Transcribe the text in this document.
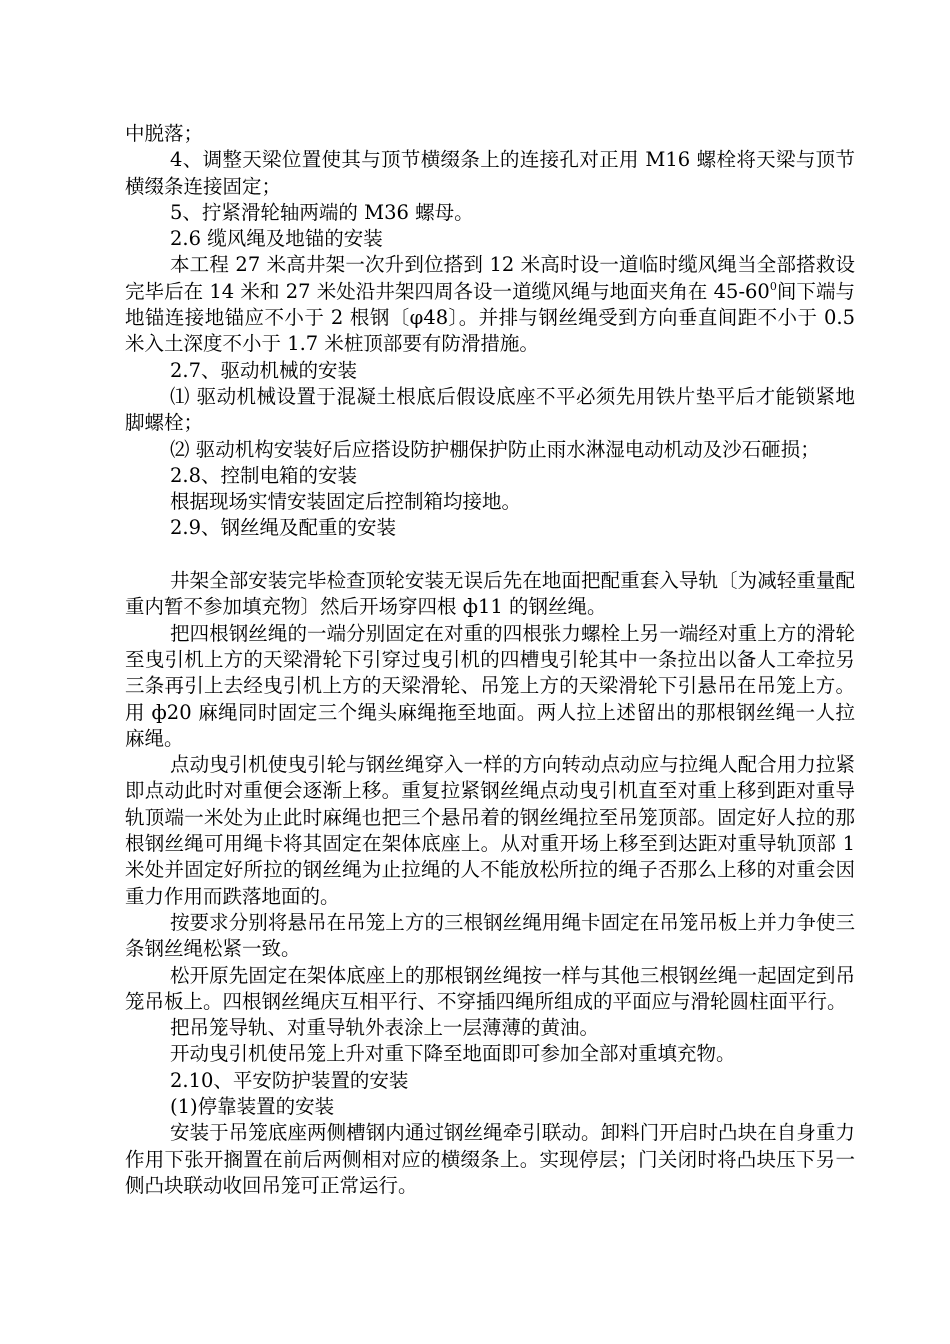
中脱落；

4、调整天梁位置使其与顶节横缀条上的连接孔对正用 M16 螺栓将天梁与顶节横缀条连接固定；

5、拧紧滑轮轴两端的 M36 螺母。

2.6 缆风绳及地锚的安装

本工程 27 米高井架一次升到位搭到 12 米高时设一道临时缆风绳当全部搭救设完毕后在 14 米和 27 米处沿井架四周各设一道缆风绳与地面夹角在 $45-60^0$间下端与地锚连接地锚应不小于 2 根钢〔φ48〕。并排与钢丝绳受到方向垂直间距不小于 0.5 米入土深度不小于 1.7 米桩顶部要有防滑措施。

2.7、驱动机械的安装

⑴ 驱动机械设置于混凝土根底后假设底座不平必须先用铁片垫平后才能锁紧地脚螺栓；

⑵ 驱动机构安装好后应搭设防护棚保护防止雨水淋湿电动机动及沙石砸损；

2.8、控制电箱的安装

根据现场实情安装固定后控制箱均接地。

2.9、钢丝绳及配重的安装

井架全部安装完毕检查顶轮安装无误后先在地面把配重套入导轨〔为减轻重量配重内暂不参加填充物〕然后开场穿四根 ф11 的钢丝绳。

把四根钢丝绳的一端分别固定在对重的四根张力螺栓上另一端经对重上方的滑轮至曳引机上方的天梁滑轮下引穿过曳引机的四槽曳引轮其中一条拉出以备人工牵拉另三条再引上去经曳引机上方的天梁滑轮、吊笼上方的天梁滑轮下引悬吊在吊笼上方。用 ф20 麻绳同时固定三个绳头麻绳拖至地面。两人拉上述留出的那根钢丝绳一人拉麻绳。

点动曳引机使曳引轮与钢丝绳穿入一样的方向转动点动应与拉绳人配合用力拉紧即点动此时对重便会逐渐上移。重复拉紧钢丝绳点动曳引机直至对重上移到距对重导轨顶端一米处为止此时麻绳也把三个悬吊着的钢丝绳拉至吊笼顶部。固定好人拉的那根钢丝绳可用绳卡将其固定在架体底座上。从对重开场上移至到达距对重导轨顶部 1 米处并固定好所拉的钢丝绳为止拉绳的人不能放松所拉的绳子否那么上移的对重会因重力作用而跌落地面的。

按要求分别将悬吊在吊笼上方的三根钢丝绳用绳卡固定在吊笼吊板上并力争使三条钢丝绳松紧一致。

松开原先固定在架体底座上的那根钢丝绳按一样与其他三根钢丝绳一起固定到吊笼吊板上。四根钢丝绳庆互相平行、不穿插四绳所组成的平面应与滑轮圆柱面平行。

把吊笼导轨、对重导轨外表涂上一层薄薄的黄油。

开动曳引机使吊笼上升对重下降至地面即可参加全部对重填充物。

2.10、平安防护装置的安装

(1)停靠装置的安装

安装于吊笼底座两侧槽钢内通过钢丝绳牵引联动。卸料门开启时凸块在自身重力作用下张开搁置在前后两侧相对应的横缀条上。实现停层；门关闭时将凸块压下另一侧凸块联动收回吊笼可正常运行。
